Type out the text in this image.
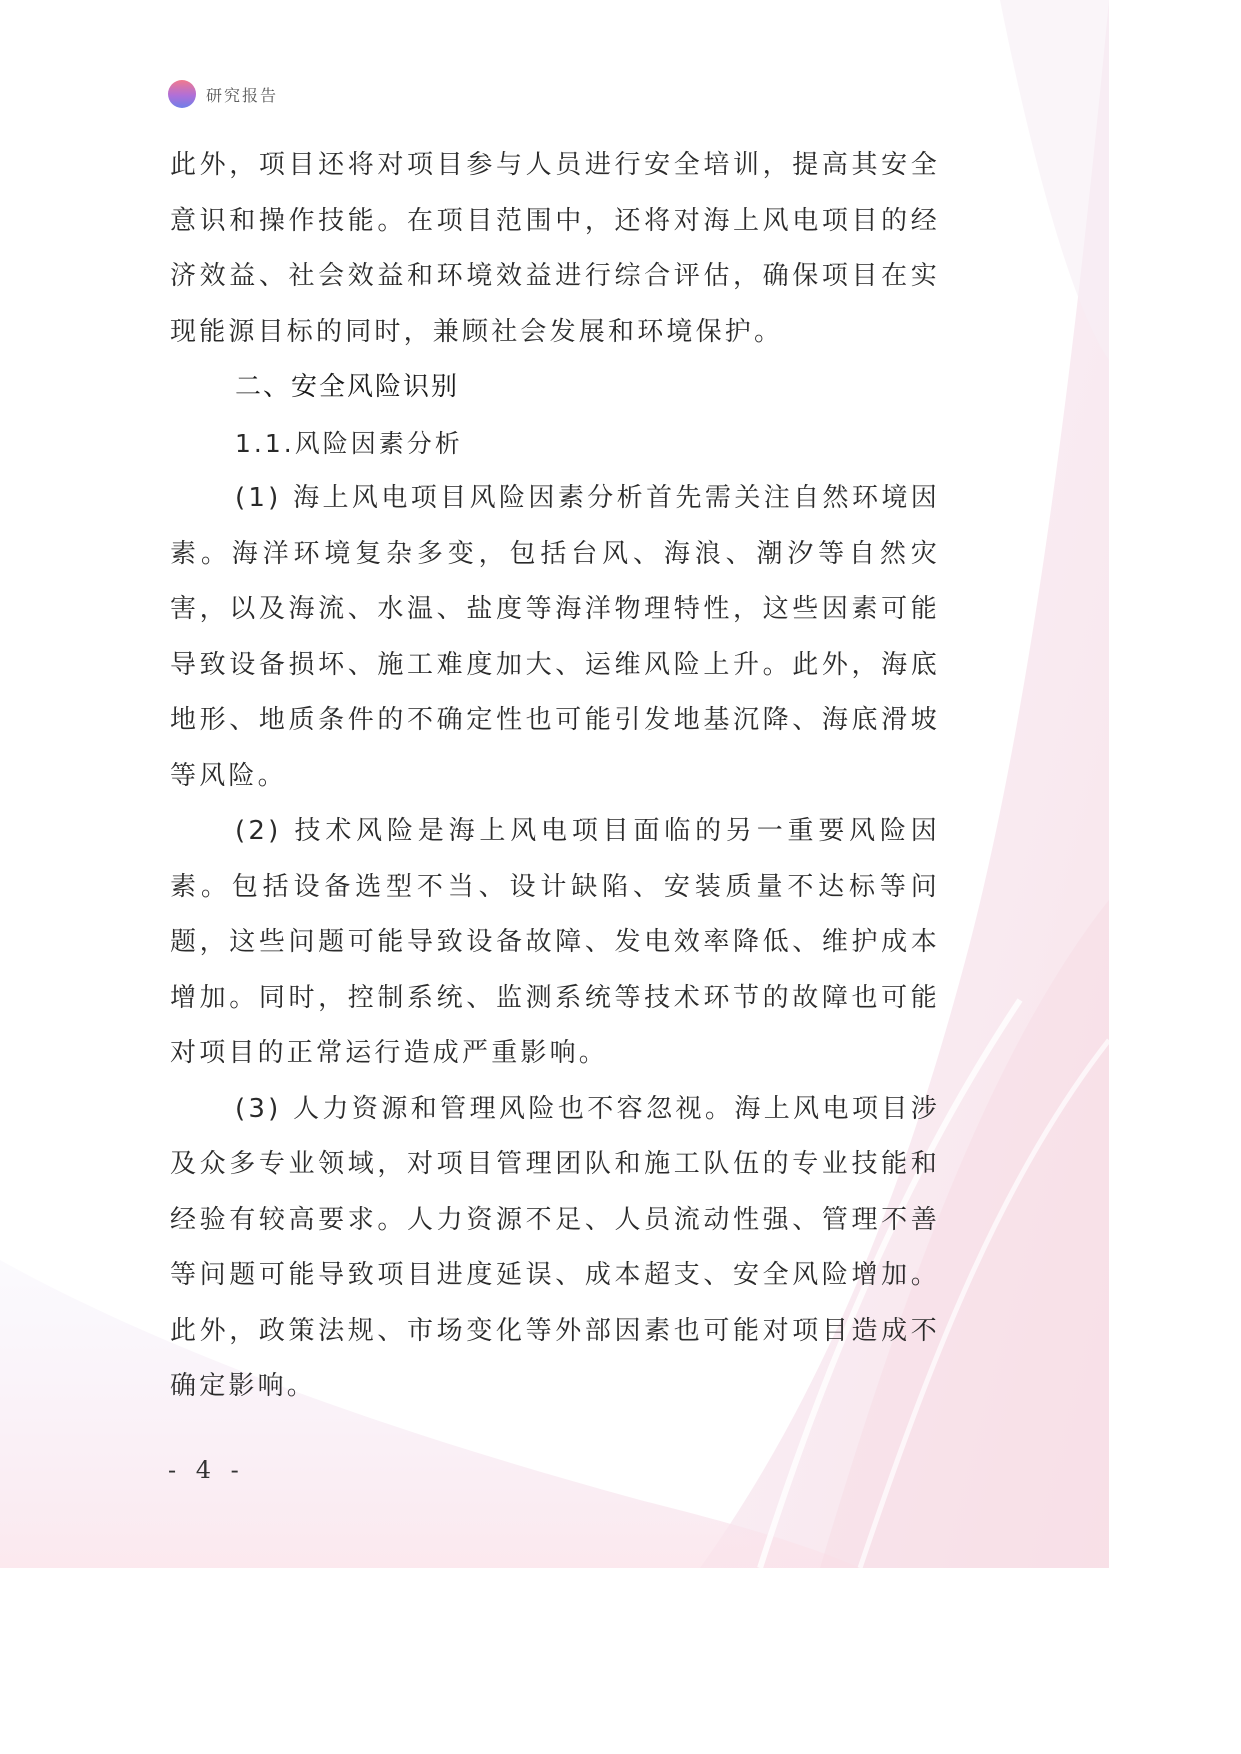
研究报告

此外，项目还将对项目参与人员进行安全培训，提高其安全意识和操作技能。在项目范围中，还将对海上风电项目的经济效益、社会效益和环境效益进行综合评估，确保项目在实现能源目标的同时，兼顾社会发展和环境保护。

二、安全风险识别

1.1.风险因素分析

(1) 海上风电项目风险因素分析首先需关注自然环境因素。海洋环境复杂多变，包括台风、海浪、潮汐等自然灾害，以及海流、水温、盐度等海洋物理特性，这些因素可能导致设备损坏、施工难度加大、运维风险上升。此外，海底地形、地质条件的不确定性也可能引发地基沉降、海底滑坡等风险。

(2) 技术风险是海上风电项目面临的另一重要风险因素。包括设备选型不当、设计缺陷、安装质量不达标等问题，这些问题可能导致设备故障、发电效率降低、维护成本增加。同时，控制系统、监测系统等技术环节的故障也可能对项目的正常运行造成严重影响。

(3) 人力资源和管理风险也不容忽视。海上风电项目涉及众多专业领域，对项目管理团队和施工队伍的专业技能和经验有较高要求。人力资源不足、人员流动性强、管理不善等问题可能导致项目进度延误、成本超支、安全风险增加。此外，政策法规、市场变化等外部因素也可能对项目造成不确定影响。

- 4 -
